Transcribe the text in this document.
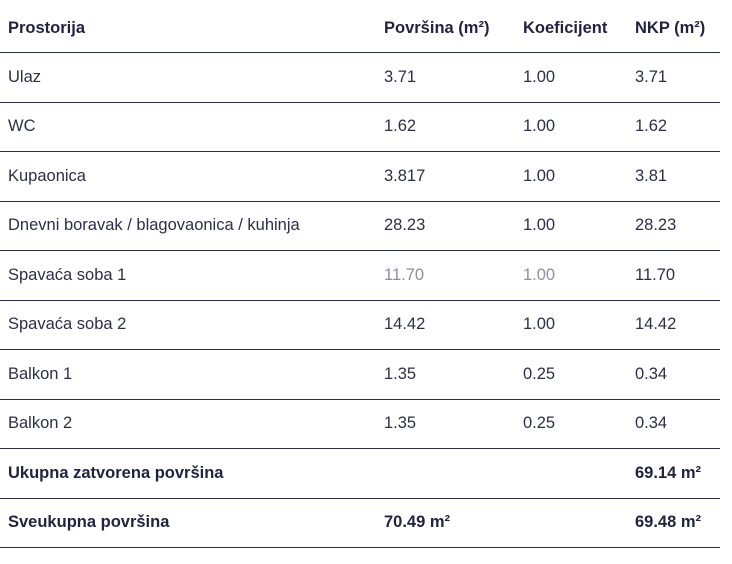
Prostorija	Površina (m²)	Koeficijent	NKP (m²)
Ulaz	3.71	1.00	3.71
WC	1.62	1.00	1.62
Kupaonica	3.817	1.00	3.81
Dnevni boravak / blagovaonica / kuhinja	28.23	1.00	28.23
Spavaća soba 1	11.70	1.00	11.70
Spavaća soba 2	14.42	1.00	14.42
Balkon 1	1.35	0.25	0.34
Balkon 2	1.35	0.25	0.34
Ukupna zatvorena površina			69.14 m²
Sveukupna površina	70.49 m²		69.48 m²
